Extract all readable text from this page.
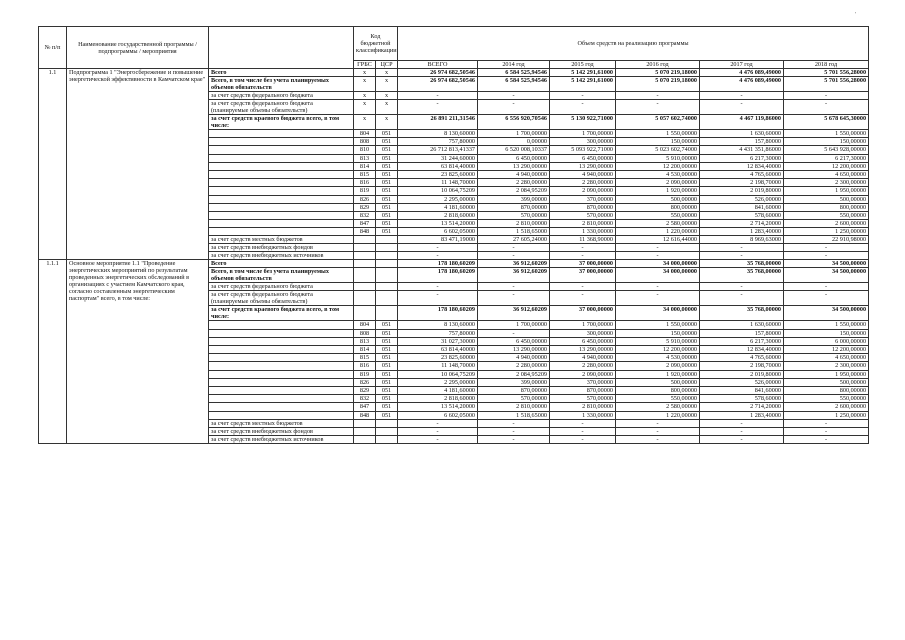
№ п/п	Наименование государственной программы / подпрограммы / мероприятия		Код бюджетной классификации		Объем средств на реализацию программы					
			ГРБС	ЦСР	ВСЕГО	2014 год	2015 год	2016 год	2017 год	2018 год
1.1	Подпрограмма 1 "Энергосбережение и повышение энергетической эффективности в Камчатском крае"	Всего	х	х	26 974 682,50546	6 584 525,94546	5 142 291,61000	5 070 219,18000	4 476 089,49000	5 701 556,28000
		Всего, в том числе без учета планируемых объемов обязательств	х	х	26 974 682,50546	6 584 525,94546	5 142 291,61000	5 070 219,18000	4 476 089,49000	5 701 556,28000
		за счет средств федерального бюджета	х	х	-	-	-	-	-	-
		за счет средств федерального бюджета (планируемые объемы обязательств)	х	х	-	-	-	-	-	-
		за счет средств краевого бюджета всего, в том числе:	х	х	26 891 211,31546	6 556 920,70546	5 130 922,71000	5 057 602,74000	4 467 119,86000	5 678 645,30000
			804	051	8 130,60000	1 700,00000	1 700,00000	1 550,00000	1 630,60000	1 550,00000
			808	051	757,80000	0,00000	300,00000	150,00000	157,80000	150,00000
			810	051	26 712 813,41337	6 520 008,10337	5 093 922,71000	5 023 602,74000	4 431 351,86000	5 643 928,00000
			813	051	31 244,60000	6 450,00000	6 450,00000	5 910,00000	6 217,30000	6 217,30000
			814	051	63 814,40000	13 290,00000	13 290,00000	12 200,00000	12 834,40000	12 200,00000
			815	051	23 825,60000	4 940,00000	4 940,00000	4 530,00000	4 765,60000	4 650,00000
			816	051	11 148,70000	2 280,00000	2 280,00000	2 090,00000	2 198,70000	2 300,00000
			819	051	10 064,75209	2 084,95209	2 090,00000	1 920,00000	2 019,80000	1 950,00000
			826	051	2 295,00000	399,00000	370,00000	500,00000	526,00000	500,00000
			829	051	4 181,60000	870,00000	870,00000	800,00000	841,60000	800,00000
			832	051	2 818,60000	570,00000	570,00000	550,00000	578,60000	550,00000
			847	051	13 514,20000	2 810,00000	2 810,00000	2 580,00000	2 714,20000	2 600,00000
			848	051	6 602,05000	1 518,65000	1 330,00000	1 220,00000	1 283,40000	1 250,00000
		за счет средств местных бюджетов			83 471,19000	27 605,24000	11 368,90000	12 616,44000	8 969,63000	22 910,98000
		за счет средств внебюджетных фондов			-	-	-	-	-	-
		за счет средств внебюджетных источников			-	-	-	-	-	-
1.1.1	Основное мероприятие 1.1 "Проведение энергетических мероприятий по результатам проведенных энергетических обследований в организациях с участием Камчатского края, согласно составленным энергетическим паспортам" всего, в том числе:	Всего			178 180,60209	36 912,60209	37 000,00000	34 000,00000	35 768,00000	34 500,00000
		Всего, в том числе без учета планируемых объемов обязательств			178 180,60209	36 912,60209	37 000,00000	34 000,00000	35 768,00000	34 500,00000
		за счет средств федерального бюджета			-	-	-	-	-	-
		за счет средств федерального бюджета (планируемые объемы обязательств)			-	-	-	-	-	-
		за счет средств краевого бюджета всего, в том числе:			178 180,60209	36 912,60209	37 000,00000	34 000,00000	35 768,00000	34 500,00000
			804	051	8 130,60000	1 700,00000	1 700,00000	1 550,00000	1 630,60000	1 550,00000
			808	051	757,80000	-	300,00000	150,00000	157,80000	150,00000
			813	051	31 027,30000	6 450,00000	6 450,00000	5 910,00000	6 217,30000	6 000,00000
			814	051	63 814,40000	13 290,00000	13 290,00000	12 200,00000	12 834,40000	12 200,00000
			815	051	23 825,60000	4 940,00000	4 940,00000	4 530,00000	4 765,60000	4 650,00000
			816	051	11 148,70000	2 280,00000	2 280,00000	2 090,00000	2 198,70000	2 300,00000
			819	051	10 064,75209	2 084,95209	2 090,00000	1 920,00000	2 019,80000	1 950,00000
			826	051	2 295,00000	399,00000	370,00000	500,00000	526,00000	500,00000
			829	051	4 181,60000	870,00000	870,00000	800,00000	841,60000	800,00000
			832	051	2 818,60000	570,00000	570,00000	550,00000	578,60000	550,00000
			847	051	13 514,20000	2 810,00000	2 810,00000	2 580,00000	2 714,20000	2 600,00000
			848	051	6 602,05000	1 518,65000	1 330,00000	1 220,00000	1 283,40000	1 250,00000
		за счет средств местных бюджетов			-	-	-	-	-	-
		за счет средств внебюджетных фондов			-	-	-	-	-	-
		за счет средств внебюджетных источников			-	-	-	-	-	-
'
